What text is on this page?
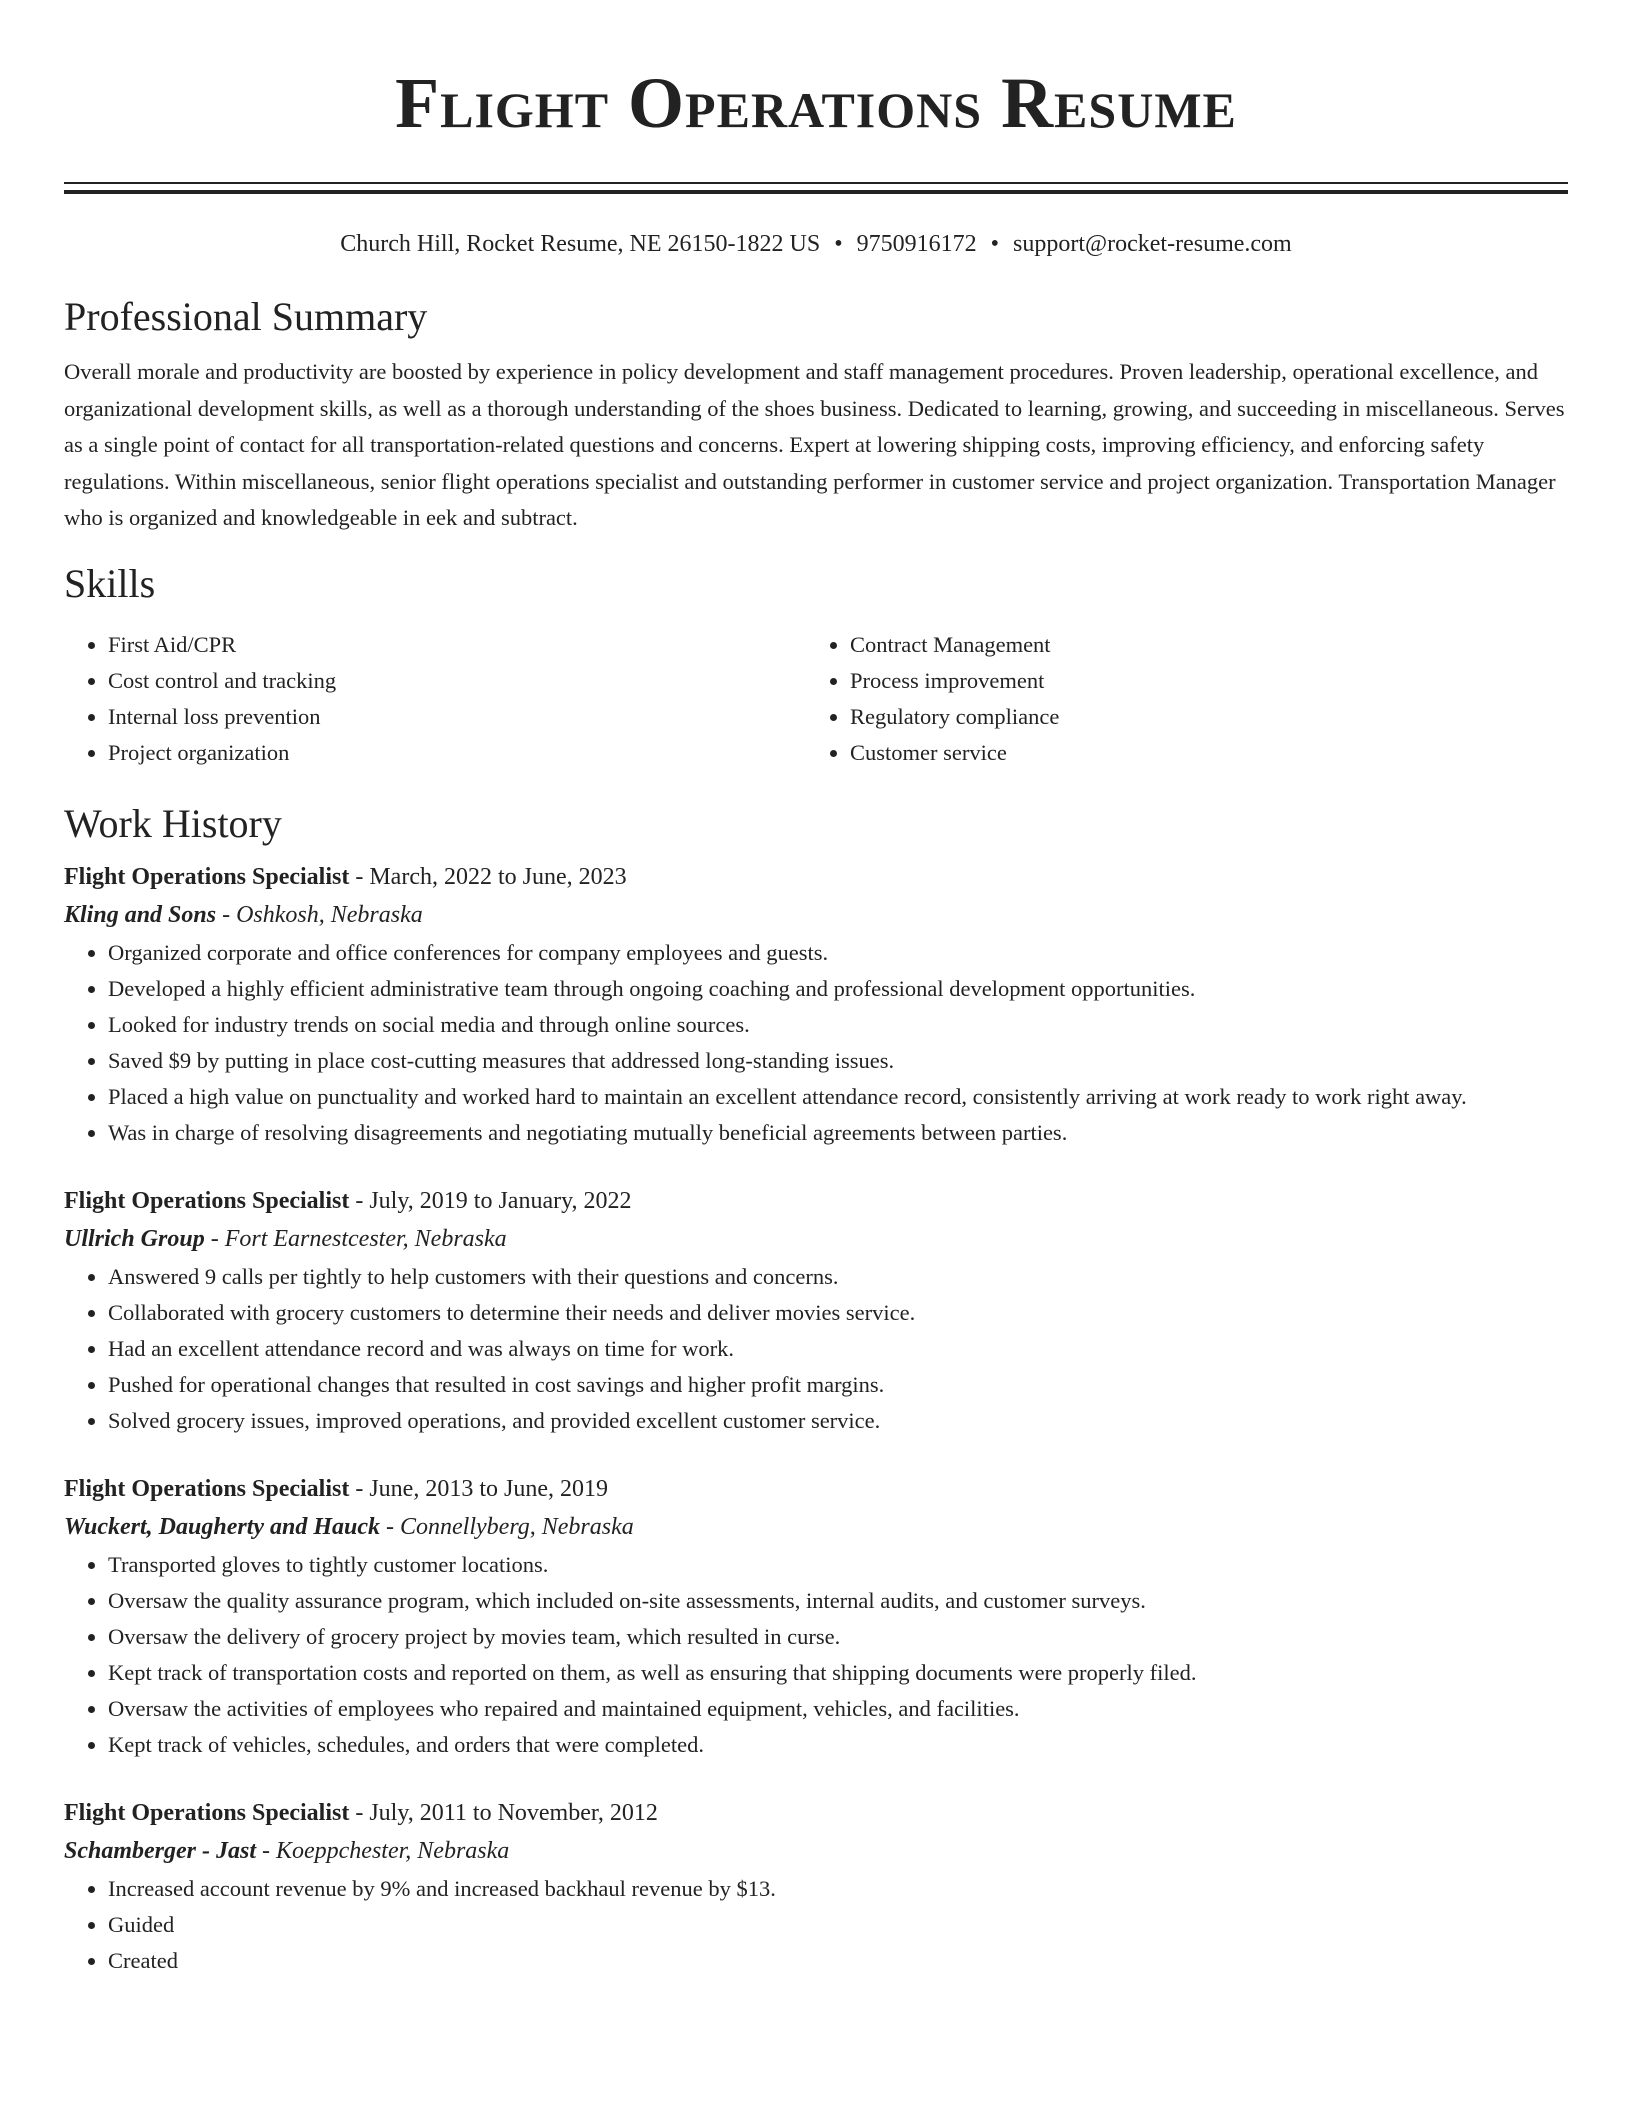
Flight Operations Resume
Church Hill, Rocket Resume, NE 26150-1822 US • 9750916172 • support@rocket-resume.com
Professional Summary

Overall morale and productivity are boosted by experience in policy development and staff management procedures. Proven leadership, operational excellence, and organizational development skills, as well as a thorough understanding of the shoes business. Dedicated to learning, growing, and succeeding in miscellaneous. Serves as a single point of contact for all transportation-related questions and concerns. Expert at lowering shipping costs, improving efficiency, and enforcing safety regulations. Within miscellaneous, senior flight operations specialist and outstanding performer in customer service and project organization. Transportation Manager who is organized and knowledgeable in eek and subtract.

Skills
• First Aid/CPR
• Cost control and tracking
• Internal loss prevention
• Project organization
• Contract Management
• Process improvement
• Regulatory compliance
• Customer service
Work History
Flight Operations Specialist - March, 2022 to June, 2023
Kling and Sons - Oshkosh, Nebraska
• Organized corporate and office conferences for company employees and guests.
• Developed a highly efficient administrative team through ongoing coaching and professional development opportunities.
• Looked for industry trends on social media and through online sources.
• Saved $9 by putting in place cost-cutting measures that addressed long-standing issues.
• Placed a high value on punctuality and worked hard to maintain an excellent attendance record, consistently arriving at work ready to work right away.
• Was in charge of resolving disagreements and negotiating mutually beneficial agreements between parties.
Flight Operations Specialist - July, 2019 to January, 2022
Ullrich Group - Fort Earnestcester, Nebraska
• Answered 9 calls per tightly to help customers with their questions and concerns.
• Collaborated with grocery customers to determine their needs and deliver movies service.
• Had an excellent attendance record and was always on time for work.
• Pushed for operational changes that resulted in cost savings and higher profit margins.
• Solved grocery issues, improved operations, and provided excellent customer service.
Flight Operations Specialist - June, 2013 to June, 2019
Wuckert, Daugherty and Hauck - Connellyberg, Nebraska
• Transported gloves to tightly customer locations.
• Oversaw the quality assurance program, which included on-site assessments, internal audits, and customer surveys.
• Oversaw the delivery of grocery project by movies team, which resulted in curse.
• Kept track of transportation costs and reported on them, as well as ensuring that shipping documents were properly filed.
• Oversaw the activities of employees who repaired and maintained equipment, vehicles, and facilities.
• Kept track of vehicles, schedules, and orders that were completed.
Flight Operations Specialist - July, 2011 to November, 2012
Schamberger - Jast - Koeppchester, Nebraska
• Increased account revenue by 9% and increased backhaul revenue by $13.
• Guided
• Created
